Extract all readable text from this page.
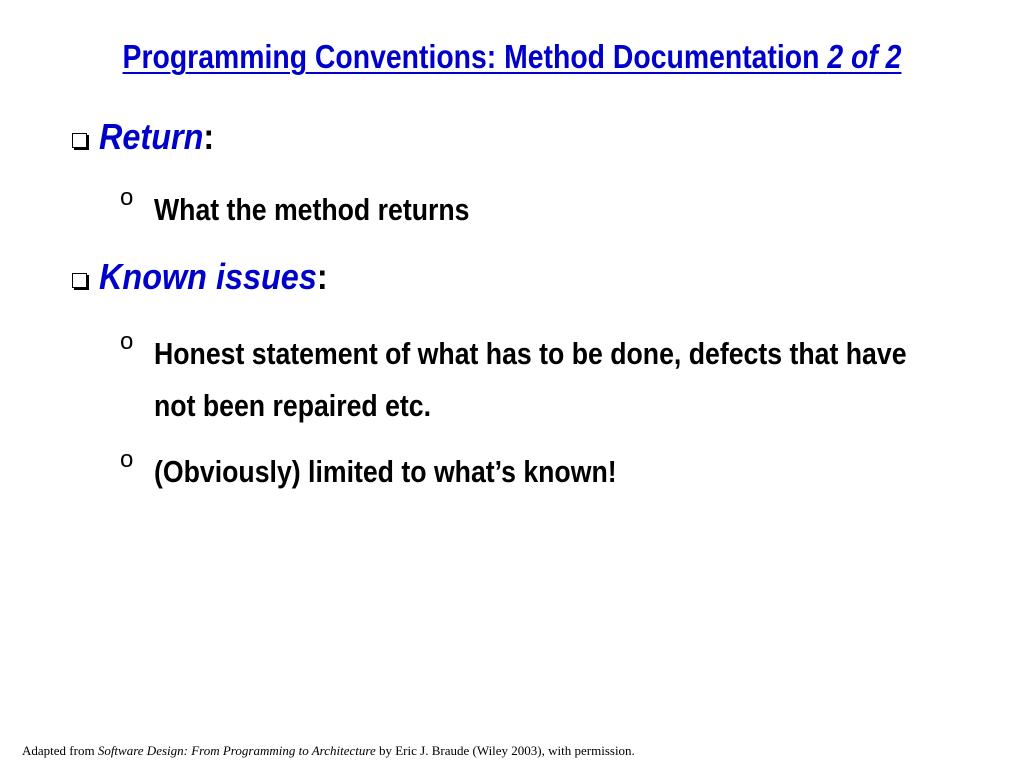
Programming Conventions: Method Documentation 2 of 2
Return:
o What the method returns
Known issues:
o Honest statement of what has to be done, defects that have not been repaired etc.
o (Obviously) limited to what’s known!
Adapted from Software Design: From Programming to Architecture by Eric J. Braude (Wiley 2003), with permission.
